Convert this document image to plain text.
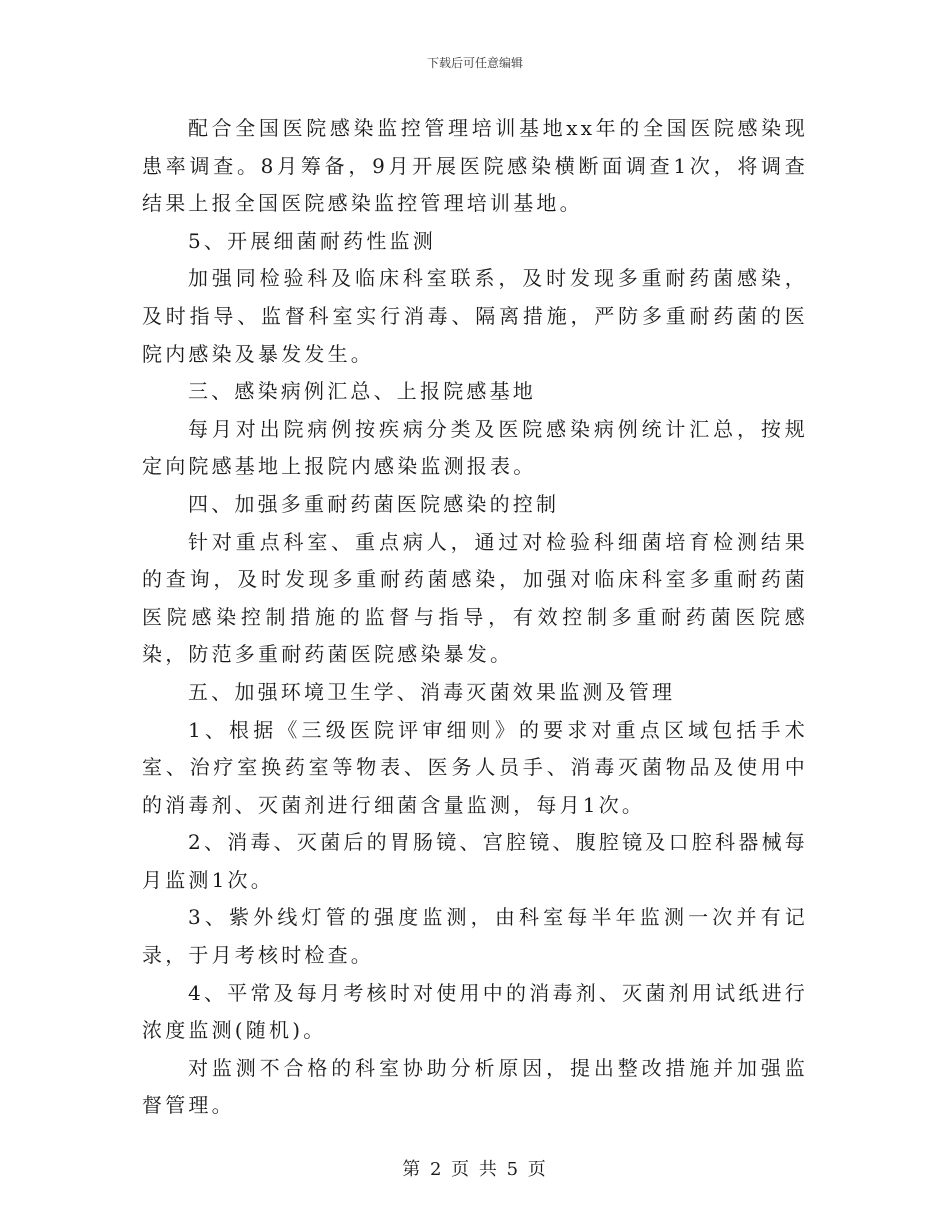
下载后可任意编辑

配合全国医院感染监控管理培训基地xx年的全国医院感染现患率调查。8月筹备，9月开展医院感染横断面调查1次，将调查结果上报全国医院感染监控管理培训基地。

5、开展细菌耐药性监测

加强同检验科及临床科室联系，及时发现多重耐药菌感染，及时指导、监督科室实行消毒、隔离措施，严防多重耐药菌的医院内感染及暴发发生。

三、感染病例汇总、上报院感基地

每月对出院病例按疾病分类及医院感染病例统计汇总，按规定向院感基地上报院内感染监测报表。

四、加强多重耐药菌医院感染的控制

针对重点科室、重点病人，通过对检验科细菌培育检测结果的查询，及时发现多重耐药菌感染，加强对临床科室多重耐药菌医院感染控制措施的监督与指导，有效控制多重耐药菌医院感染，防范多重耐药菌医院感染暴发。

五、加强环境卫生学、消毒灭菌效果监测及管理

1、根据《三级医院评审细则》的要求对重点区域包括手术室、治疗室换药室等物表、医务人员手、消毒灭菌物品及使用中的消毒剂、灭菌剂进行细菌含量监测，每月1次。

2、消毒、灭菌后的胃肠镜、宫腔镜、腹腔镜及口腔科器械每月监测1次。

3、紫外线灯管的强度监测，由科室每半年监测一次并有记录，于月考核时检查。

4、平常及每月考核时对使用中的消毒剂、灭菌剂用试纸进行浓度监测(随机)。

对监测不合格的科室协助分析原因，提出整改措施并加强监督管理。

第 2 页 共 5 页
